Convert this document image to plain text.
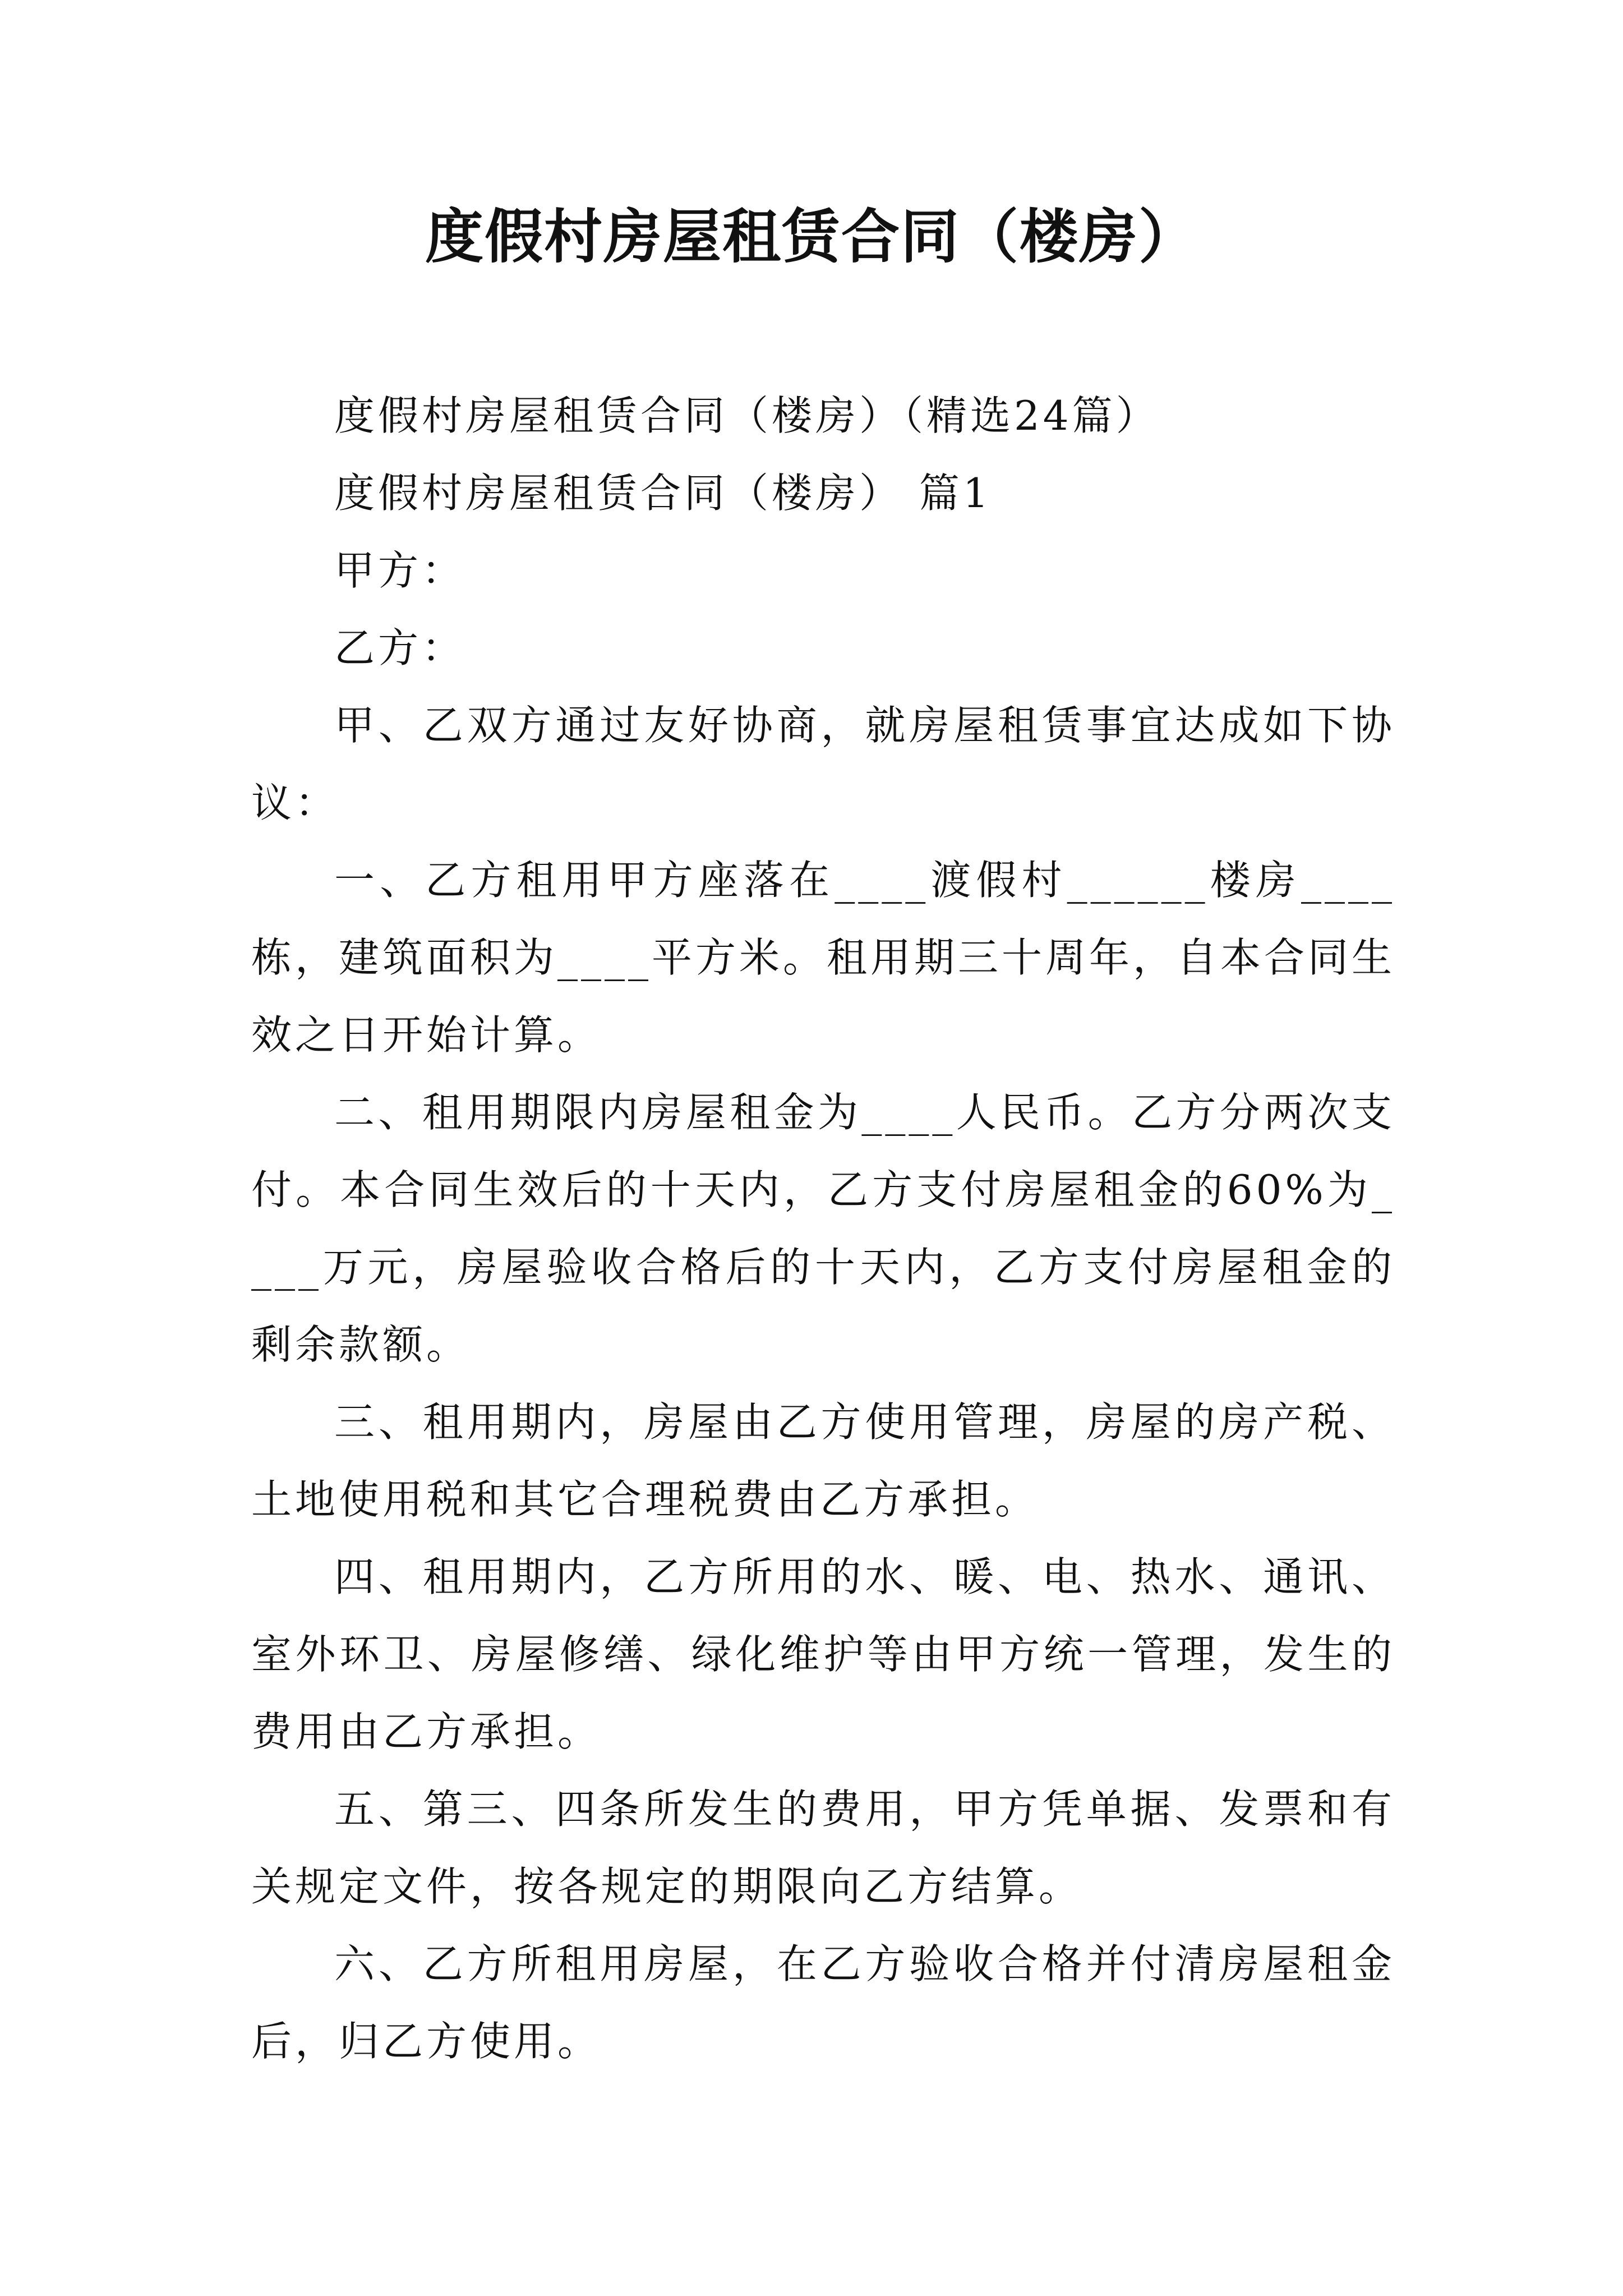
度假村房屋租赁合同（楼房）

度假村房屋租赁合同（楼房）（精选24篇）

度假村房屋租赁合同（楼房） 篇1

甲方：

乙方：

甲、乙双方通过友好协商，就房屋租赁事宜达成如下协议：

一、乙方租用甲方座落在____渡假村______楼房____栋，建筑面积为____平方米。租用期三十周年，自本合同生效之日开始计算。

二、租用期限内房屋租金为____人民币。乙方分两次支付。本合同生效后的十天内，乙方支付房屋租金的60%为____万元，房屋验收合格后的十天内，乙方支付房屋租金的剩余款额。

三、租用期内，房屋由乙方使用管理，房屋的房产税、土地使用税和其它合理税费由乙方承担。

四、租用期内，乙方所用的水、暖、电、热水、通讯、室外环卫、房屋修缮、绿化维护等由甲方统一管理，发生的费用由乙方承担。

五、第三、四条所发生的费用，甲方凭单据、发票和有关规定文件，按各规定的期限向乙方结算。

六、乙方所租用房屋，在乙方验收合格并付清房屋租金后，归乙方使用。
